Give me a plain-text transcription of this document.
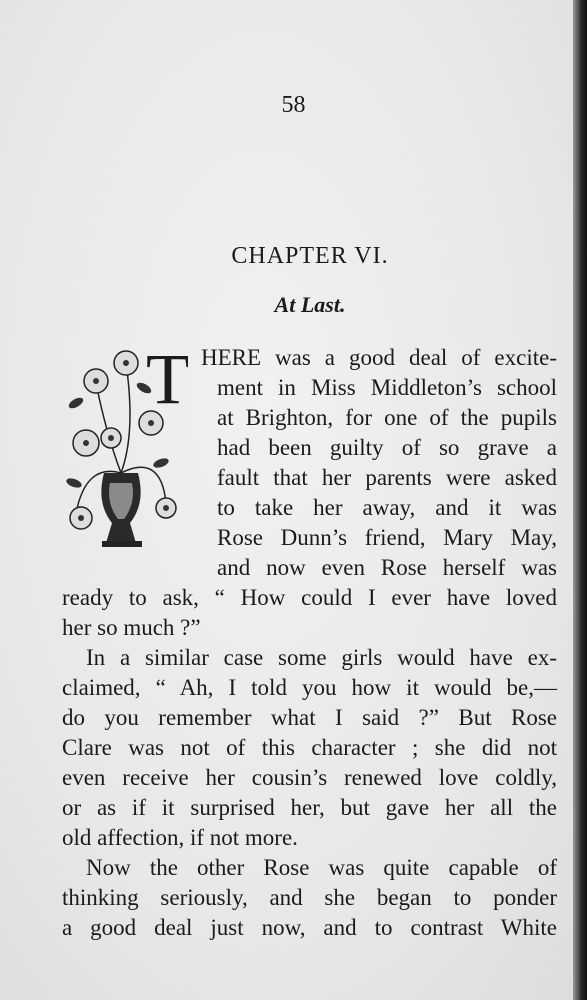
58
CHAPTER VI.
At Last.
T HERE was a good deal of excite-
ment in Miss Middleton’s school
at Brighton, for one of the pupils
had been guilty of so grave a
fault that her parents were asked
to take her away, and it was
Rose Dunn’s friend, Mary May,
and now even Rose herself was
ready to ask, “ How could I ever have loved
her so much ?”
In a similar case some girls would have ex-
claimed, “ Ah, I told you how it would be,—
do you remember what I said ?” But Rose
Clare was not of this character ; she did not
even receive her cousin’s renewed love coldly,
or as if it surprised her, but gave her all the
old affection, if not more.
Now the other Rose was quite capable of
thinking seriously, and she began to ponder
a good deal just now, and to contrast White
